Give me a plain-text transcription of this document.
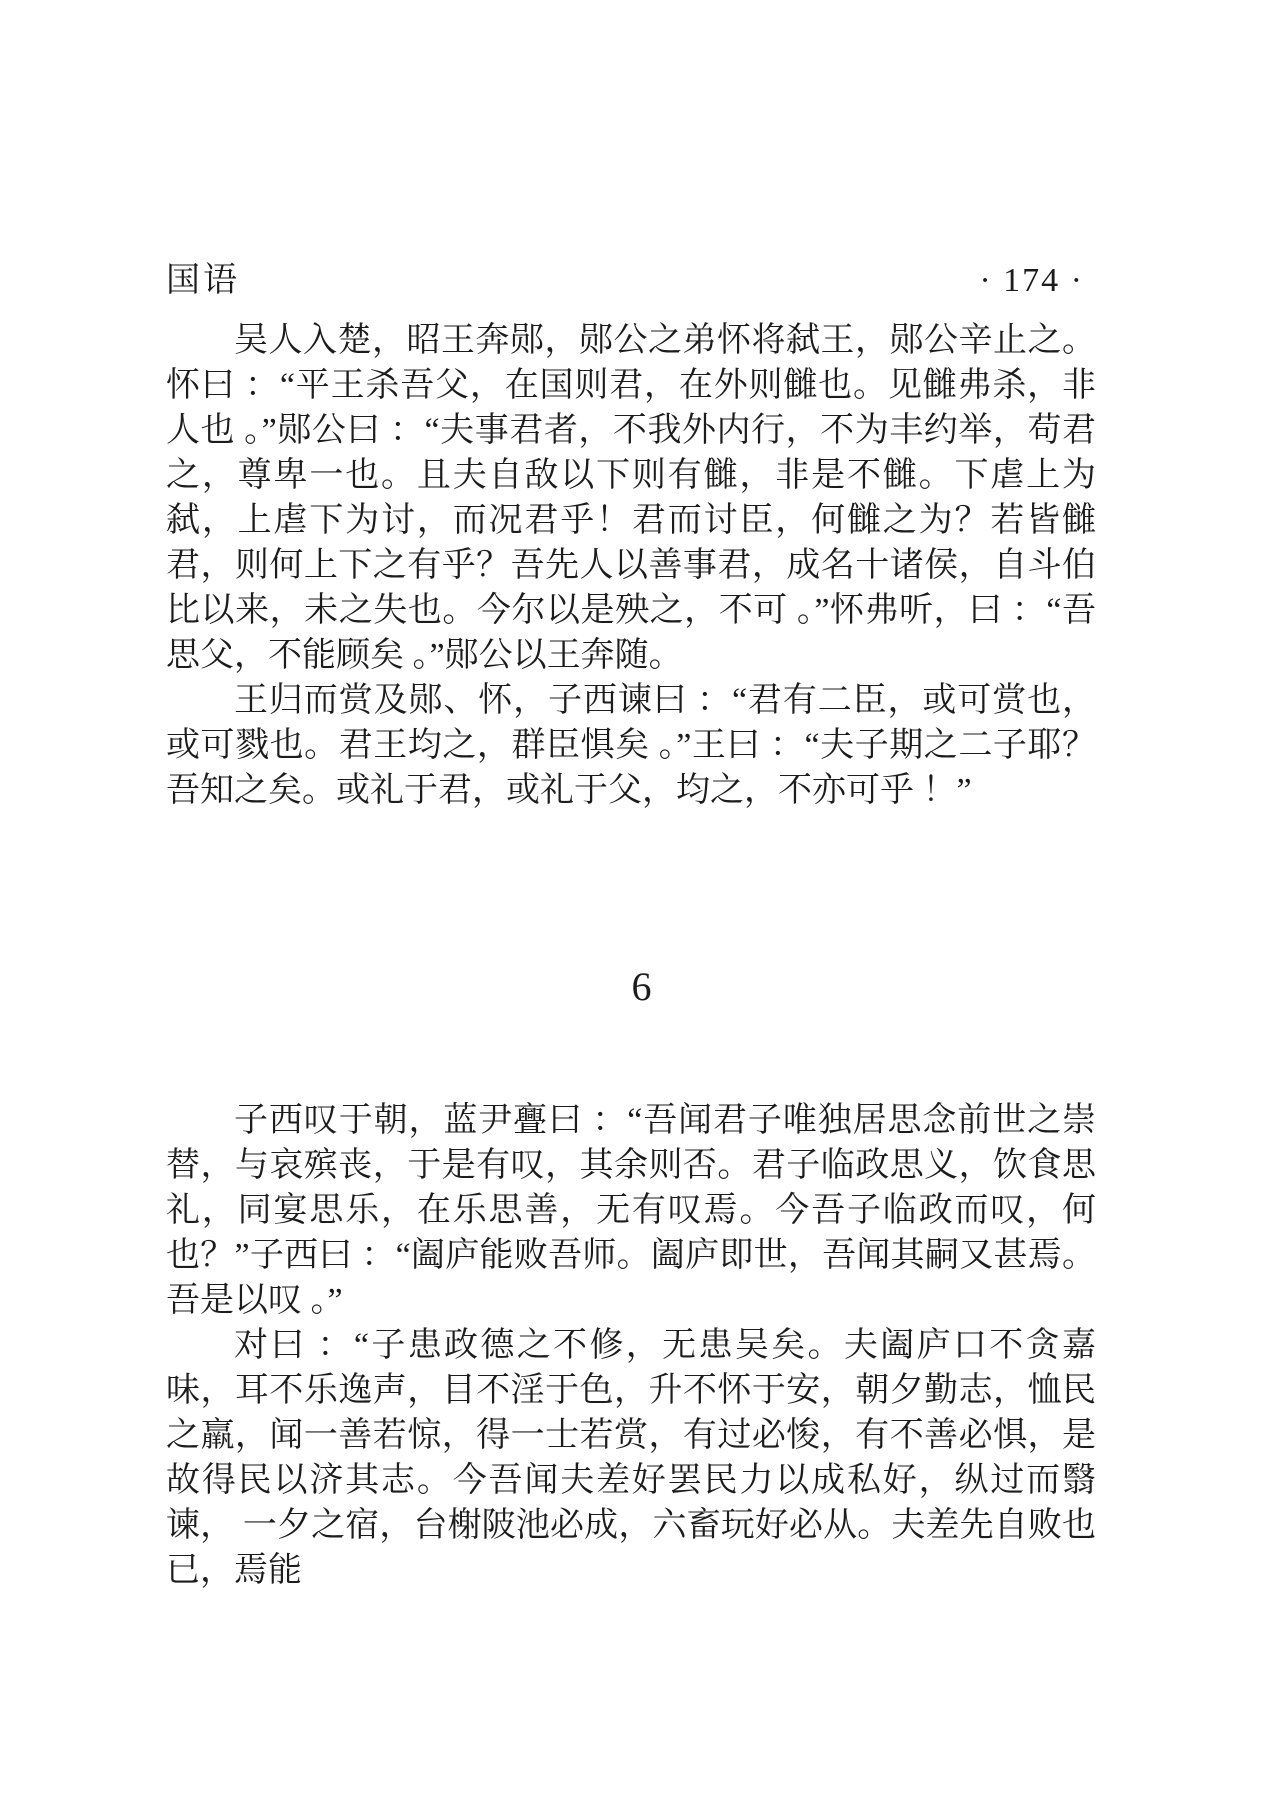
国语	· 174 ·

吴人入楚，昭王奔郧，郧公之弟怀将弑王，郧公辛止之。怀曰 ：“平王杀吾父，在国则君，在外则雠也。见雠弗杀，非人也 。”郧公曰 ：“夫事君者，不我外内行，不为丰约举，苟君之，尊卑一也。且夫自敌以下则有雠，非是不雠。下虐上为弑，上虐下为讨，而况君乎！君而讨臣，何雠之为？若皆雠君，则何上下之有乎？吾先人以善事君，成名十诸侯，自斗伯比以来，未之失也。今尔以是殃之，不可 。”怀弗听，曰 ：“吾思父，不能顾矣 。”郧公以王奔随。

王归而赏及郧、怀，子西谏曰 ：“君有二臣，或可赏也，或可戮也。君王均之，群臣惧矣 。”王曰 ：“夫子期之二子耶？吾知之矣。或礼于君，或礼于父，均之，不亦可乎 ！”

6

子西叹于朝，蓝尹亹曰 ：“吾闻君子唯独居思念前世之崇替，与哀殡丧，于是有叹，其余则否。君子临政思义，饮食思礼，同宴思乐，在乐思善，无有叹焉。今吾子临政而叹，何也？”子西曰 ：“阖庐能败吾师。阖庐即世，吾闻其嗣又甚焉。吾是以叹 。”

对曰 ：“子患政德之不修，无患吴矣。夫阖庐口不贪嘉味，耳不乐逸声，目不淫于色，升不怀于安，朝夕勤志，恤民之羸，闻一善若惊，得一士若赏，有过必悛，有不善必惧，是故得民以济其志。今吾闻夫差好罢民力以成私好，纵过而翳谏， 一夕之宿，台榭陂池必成，六畜玩好必从。夫差先自败也已，焉能
